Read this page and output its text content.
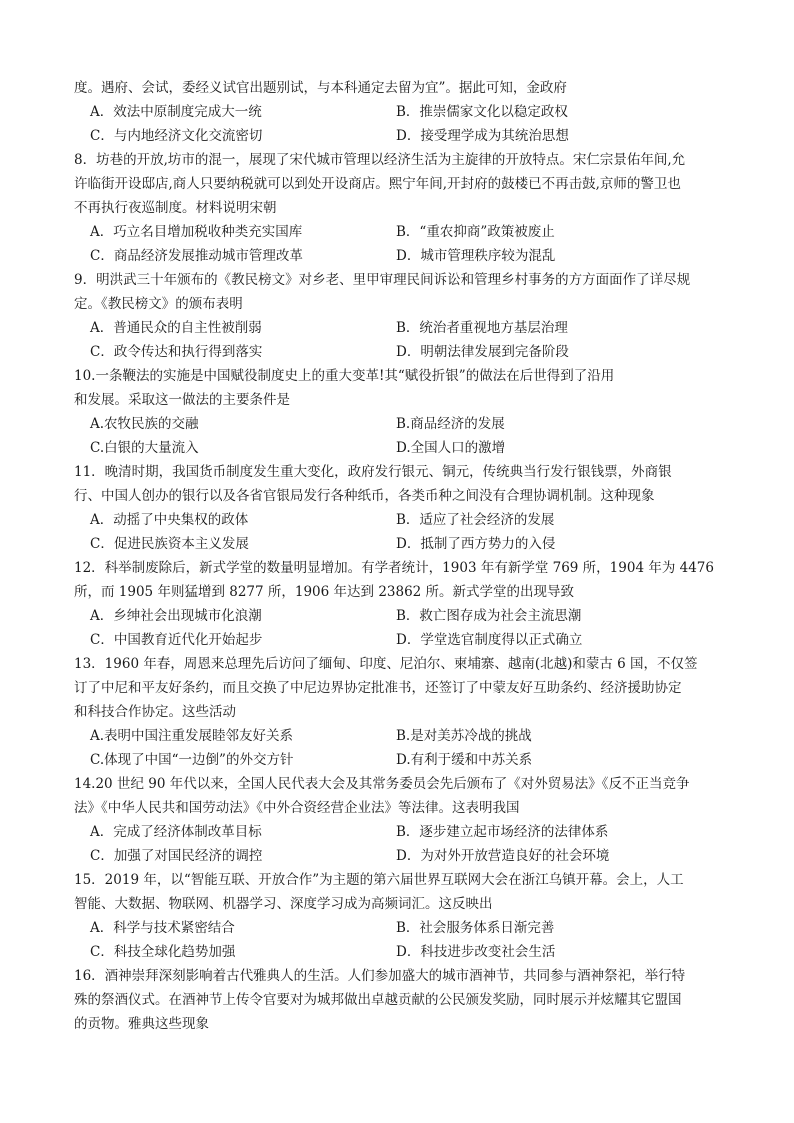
度。遇府、会试，委经义试官出题别试，与本科通定去留为宜”。据此可知，金政府
A．效法中原制度完成大一统	B．推崇儒家文化以稳定政权
C．与内地经济文化交流密切	D．接受理学成为其统治思想
8．坊巷的开放,坊市的混一，展现了宋代城市管理以经济生活为主旋律的开放特点。宋仁宗景佑年间,允
许临街开设邸店,商人只要纳税就可以到处开设商店。熙宁年间,开封府的鼓楼已不再击鼓,京师的警卫也
不再执行夜巡制度。材料说明宋朝
A．巧立名目增加税收种类充实国库	B．“重农抑商”政策被废止
C．商品经济发展推动城市管理改革	D．城市管理秩序较为混乱
9．明洪武三十年颁布的《教民榜文》对乡老、里甲审理民间诉讼和管理乡村事务的方方面面作了详尽规
定。《教民榜文》的颁布表明
A．普通民众的自主性被削弱	B．统治者重视地方基层治理
C．政令传达和执行得到落实	D．明朝法律发展到完备阶段
10.一条鞭法的实施是中国赋役制度史上的重大变革!其“赋役折银”的做法在后世得到了沿用
和发展。采取这一做法的主要条件是
A.农牧民族的交融	B.商品经济的发展
C.白银的大量流入	D.全国人口的激增
11．晚清时期，我国货币制度发生重大变化，政府发行银元、铜元，传统典当行发行银钱票，外商银
行、中国人创办的银行以及各省官银局发行各种纸币，各类币种之间没有合理协调机制。这种现象
A．动摇了中央集权的政体	B．适应了社会经济的发展
C．促进民族资本主义发展	D．抵制了西方势力的入侵
12．科举制废除后，新式学堂的数量明显增加。有学者统计，1903 年有新学堂 769 所，1904 年为 4476
所，而 1905 年则猛增到 8277 所，1906 年达到 23862 所。新式学堂的出现导致
A．乡绅社会出现城市化浪潮	B．救亡图存成为社会主流思潮
C．中国教育近代化开始起步	D．学堂选官制度得以正式确立
13．1960 年春，周恩来总理先后访问了缅甸、印度、尼泊尔、柬埔寨、越南(北越)和蒙古 6 国，不仅签
订了中尼和平友好条约，而且交换了中尼边界协定批准书，还签订了中蒙友好互助条约、经济援助协定
和科技合作协定。这些活动
A.表明中国注重发展睦邻友好关系	B.是对美苏冷战的挑战
C.体现了中国“一边倒”的外交方针	D.有利于缓和中苏关系
14.20 世纪 90 年代以来，全国人民代表大会及其常务委员会先后颁布了《对外贸易法》《反不正当竞争
法》《中华人民共和国劳动法》《中外合资经营企业法》等法律。这表明我国
A．完成了经济体制改革目标	B．逐步建立起市场经济的法律体系
C．加强了对国民经济的调控	D．为对外开放营造良好的社会环境
15．2019 年，以“智能互联、开放合作”为主题的第六届世界互联网大会在浙江乌镇开幕。会上，人工
智能、大数据、物联网、机器学习、深度学习成为高频词汇。这反映出
A．科学与技术紧密结合	B．社会服务体系日渐完善
C．科技全球化趋势加强	D．科技进步改变社会生活
16．酒神崇拜深刻影响着古代雅典人的生活。人们参加盛大的城市酒神节，共同参与酒神祭祀，举行特
殊的祭酒仪式。在酒神节上传令官要对为城邦做出卓越贡献的公民颁发奖励，同时展示并炫耀其它盟国
的贡物。雅典这些现象
